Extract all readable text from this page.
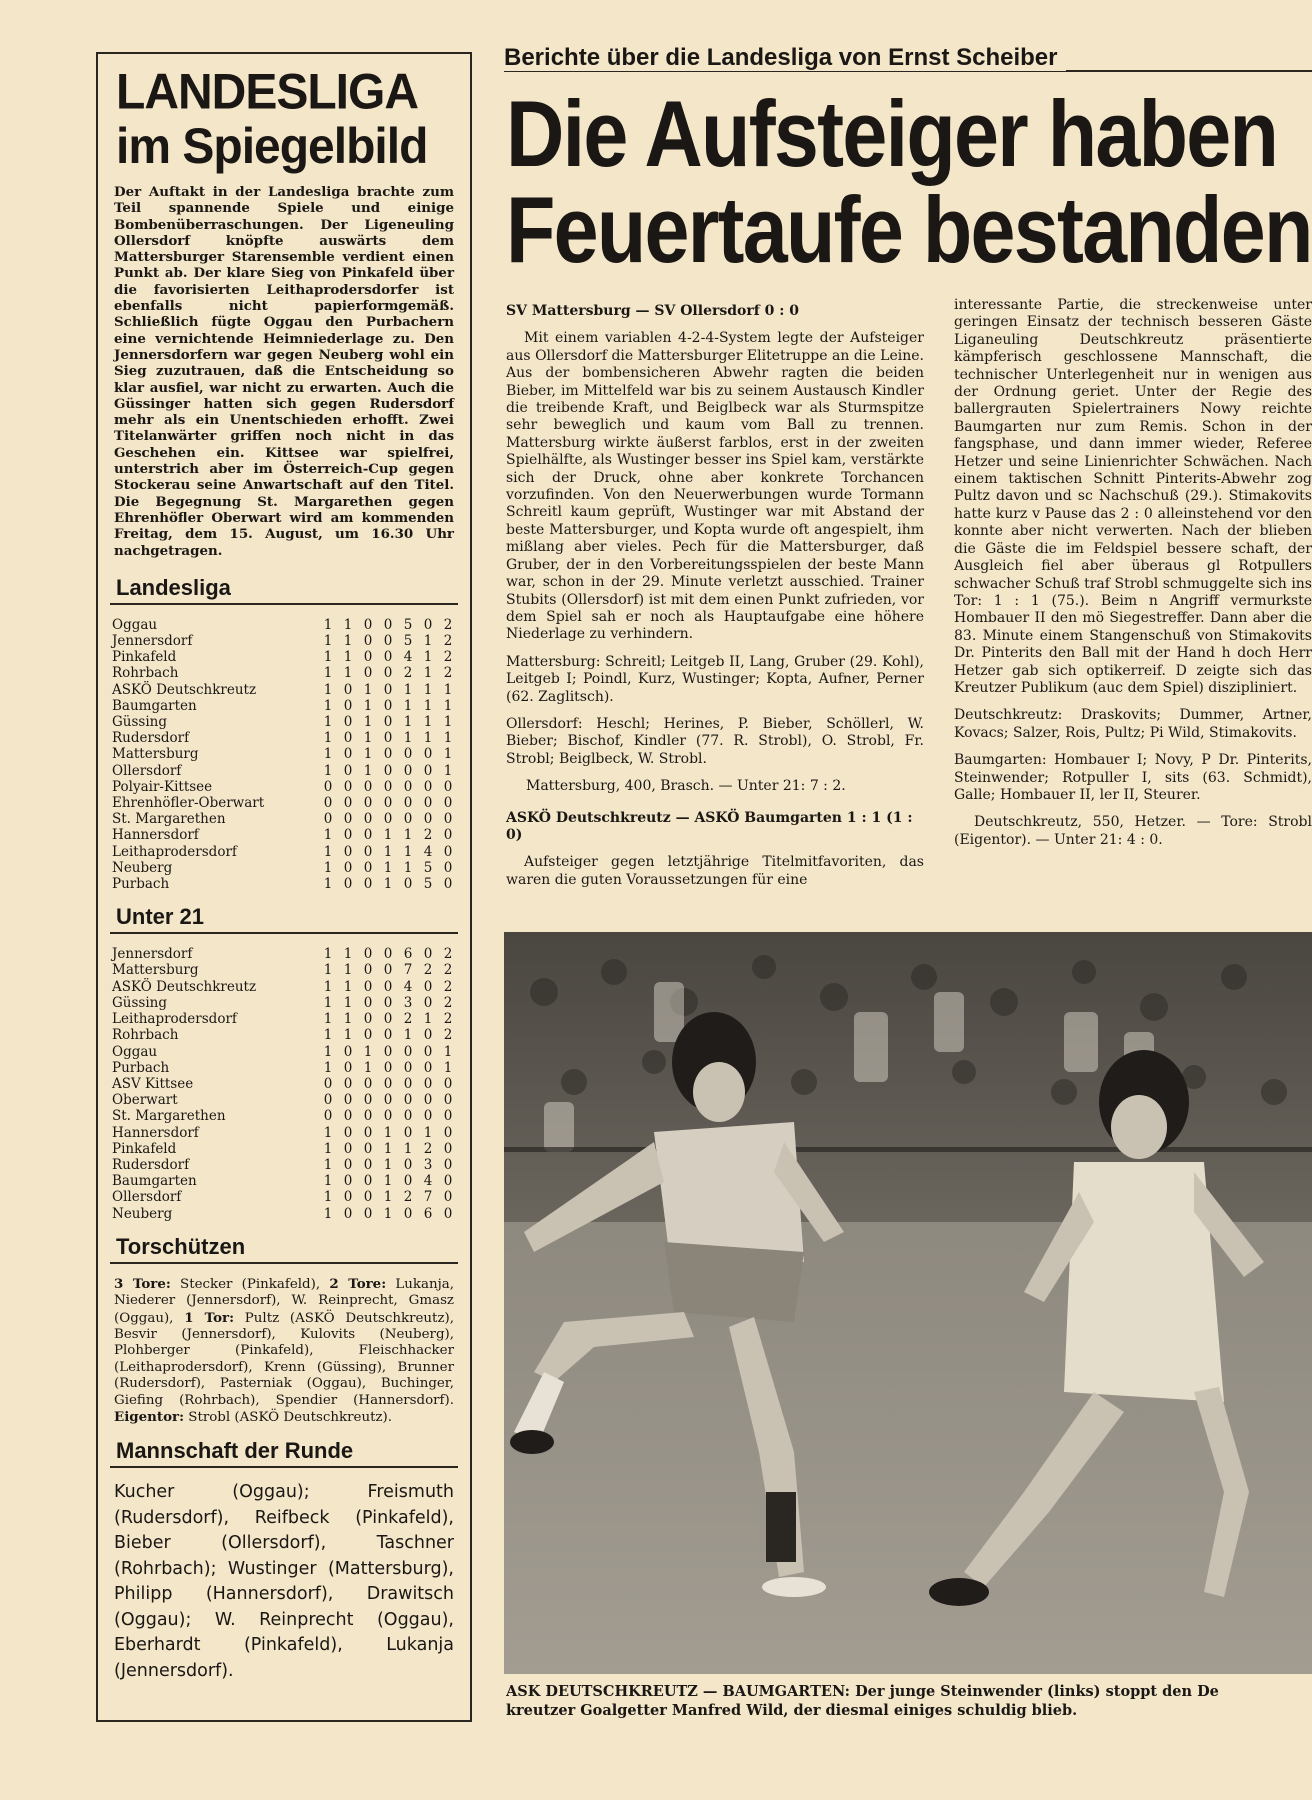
LANDESLIGA
im Spiegelbild
Der Auftakt in der Landesliga brachte zum Teil spannende Spiele und einige Bombenüberraschungen. Der Ligeneuling Ollersdorf knöpfte auswärts dem Mattersburger Starensemble verdient einen Punkt ab. Der klare Sieg von Pinkafeld über die favorisierten Leithaprodersdorfer ist ebenfalls nicht papierformgemäß. Schließlich fügte Oggau den Purbachern eine vernichtende Heimniederlage zu. Den Jennersdorfern war gegen Neuberg wohl ein Sieg zuzutrauen, daß die Entscheidung so klar ausfiel, war nicht zu erwarten. Auch die Güssinger hatten sich gegen Rudersdorf mehr als ein Unentschieden erhofft. Zwei Titelanwärter griffen noch nicht in das Geschehen ein. Kittsee war spielfrei, unterstrich aber im Österreich-Cup gegen Stockerau seine Anwartschaft auf den Titel. Die Begegnung St. Margarethen gegen Ehrenhöfler Oberwart wird am kommenden Freitag, dem 15. August, um 16.30 Uhr nachgetragen.
Landesliga
Oggau	1	1	0	0	5	0	2
Jennersdorf	1	1	0	0	5	1	2
Pinkafeld	1	1	0	0	4	1	2
Rohrbach	1	1	0	0	2	1	2
ASKÖ Deutschkreutz	1	0	1	0	1	1	1
Baumgarten	1	0	1	0	1	1	1
Güssing	1	0	1	0	1	1	1
Rudersdorf	1	0	1	0	1	1	1
Mattersburg	1	0	1	0	0	0	1
Ollersdorf	1	0	1	0	0	0	1
Polyair-Kittsee	0	0	0	0	0	0	0
Ehrenhöfler-Oberwart	0	0	0	0	0	0	0
St. Margarethen	0	0	0	0	0	0	0
Hannersdorf	1	0	0	1	1	2	0
Leithaprodersdorf	1	0	0	1	1	4	0
Neuberg	1	0	0	1	1	5	0
Purbach	1	0	0	1	0	5	0
Unter 21
Jennersdorf	1	1	0	0	6	0	2
Mattersburg	1	1	0	0	7	2	2
ASKÖ Deutschkreutz	1	1	0	0	4	0	2
Güssing	1	1	0	0	3	0	2
Leithaprodersdorf	1	1	0	0	2	1	2
Rohrbach	1	1	0	0	1	0	2
Oggau	1	0	1	0	0	0	1
Purbach	1	0	1	0	0	0	1
ASV Kittsee	0	0	0	0	0	0	0
Oberwart	0	0	0	0	0	0	0
St. Margarethen	0	0	0	0	0	0	0
Hannersdorf	1	0	0	1	0	1	0
Pinkafeld	1	0	0	1	1	2	0
Rudersdorf	1	0	0	1	0	3	0
Baumgarten	1	0	0	1	0	4	0
Ollersdorf	1	0	0	1	2	7	0
Neuberg	1	0	0	1	0	6	0
Torschützen
3 Tore: Stecker (Pinkafeld), 2 Tore: Lukanja, Niederer (Jennersdorf), W. Reinprecht, Gmasz (Oggau), 1 Tor: Pultz (ASKÖ Deutschkreutz), Besvir (Jennersdorf), Kulovits (Neuberg), Plohberger (Pinkafeld), Fleischhacker (Leithaprodersdorf), Krenn (Güssing), Brunner (Rudersdorf), Pasterniak (Oggau), Buchinger, Giefing (Rohrbach), Spendier (Hannersdorf). Eigentor: Strobl (ASKÖ Deutschkreutz).
Mannschaft der Runde
Kucher (Oggau); Freismuth (Rudersdorf), Reifbeck (Pinkafeld), Bieber (Ollersdorf), Taschner (Rohrbach); Wustinger (Mattersburg), Philipp (Hannersdorf), Drawitsch (Oggau); W. Reinprecht (Oggau), Eberhardt (Pinkafeld), Lukanja (Jennersdorf).
Berichte über die Landesliga von Ernst Scheiber
Die Aufsteiger haben
Feuertaufe bestanden

SV Mattersburg — SV Ollersdorf 0 : 0

Mit einem variablen 4-2-4-System legte der Aufsteiger aus Ollersdorf die Mattersburger Elitetruppe an die Leine. Aus der bombensicheren Abwehr ragten die beiden Bieber, im Mittelfeld war bis zu seinem Austausch Kindler die treibende Kraft, und Beiglbeck war als Sturmspitze sehr beweglich und kaum vom Ball zu trennen. Mattersburg wirkte äußerst farblos, erst in der zweiten Spielhälfte, als Wustinger besser ins Spiel kam, verstärkte sich der Druck, ohne aber konkrete Torchancen vorzufinden. Von den Neuerwerbungen wurde Tormann Schreitl kaum geprüft, Wustinger war mit Abstand der beste Mattersburger, und Kopta wurde oft angespielt, ihm mißlang aber vieles. Pech für die Mattersburger, daß Gruber, der in den Vorbereitungsspielen der beste Mann war, schon in der 29. Minute verletzt ausschied. Trainer Stubits (Ollersdorf) ist mit dem einen Punkt zufrieden, vor dem Spiel sah er noch als Hauptaufgabe eine höhere Niederlage zu verhindern.

Mattersburg: Schreitl; Leitgeb II, Lang, Gruber (29. Kohl), Leitgeb I; Poindl, Kurz, Wustinger; Kopta, Aufner, Perner (62. Zaglitsch).

Ollersdorf: Heschl; Herines, P. Bieber, Schöllerl, W. Bieber; Bischof, Kindler (77. R. Strobl), O. Strobl, Fr. Strobl; Beiglbeck, W. Strobl.

Mattersburg, 400, Brasch. — Unter 21: 7 : 2.

ASKÖ Deutschkreutz — ASKÖ Baumgarten 1 : 1 (1 : 0)

Aufsteiger gegen letztjährige Titelmitfavoriten, das waren die guten Voraussetzungen für eine

interessante Partie, die streckenweise unter geringen Einsatz der technisch besseren Gäste Liganeuling Deutschkreutz präsentierte kämpferisch geschlossene Mannschaft, die technischer Unterlegenheit nur in wenigen aus der Ordnung geriet. Unter der Regie des ballergrauten Spielertrainers Nowy reichte Baumgarten nur zum Remis. Schon in der fangsphase, und dann immer wieder, Referee Hetzer und seine Linienrichter Schwächen. Nach einem taktischen Schnitt Pinterits-Abwehr zog Pultz davon und sc Nachschuß (29.). Stimakovits hatte kurz v Pause das 2 : 0 alleinstehend vor den konnte aber nicht verwerten. Nach der blieben die Gäste die im Feldspiel bessere schaft, der Ausgleich fiel aber überaus gl Rotpullers schwacher Schuß traf Strobl schmuggelte sich ins Tor: 1 : 1 (75.). Beim n Angriff vermurkste Hombauer II den mö Siegestreffer. Dann aber die 83. Minute einem Stangenschuß von Stimakovits Dr. Pinterits den Ball mit der Hand h doch Herr Hetzer gab sich optikerreif. D zeigte sich das Kreutzer Publikum (auc dem Spiel) diszipliniert.

Deutschkreutz: Draskovits; Dummer, Artner, Kovacs; Salzer, Rois, Pultz; Pi Wild, Stimakovits.

Baumgarten: Hombauer I; Novy, P Dr. Pinterits, Steinwender; Rotpuller I, sits (63. Schmidt), Galle; Hombauer II, ler II, Steurer.

Deutschkreutz, 550, Hetzer. — Tore: Strobl (Eigentor). — Unter 21: 4 : 0.

ASK DEUTSCHKREUTZ — BAUMGARTEN: Der junge Steinwender (links) stoppt den De
kreutzer Goalgetter Manfred Wild, der diesmal einiges schuldig blieb.
